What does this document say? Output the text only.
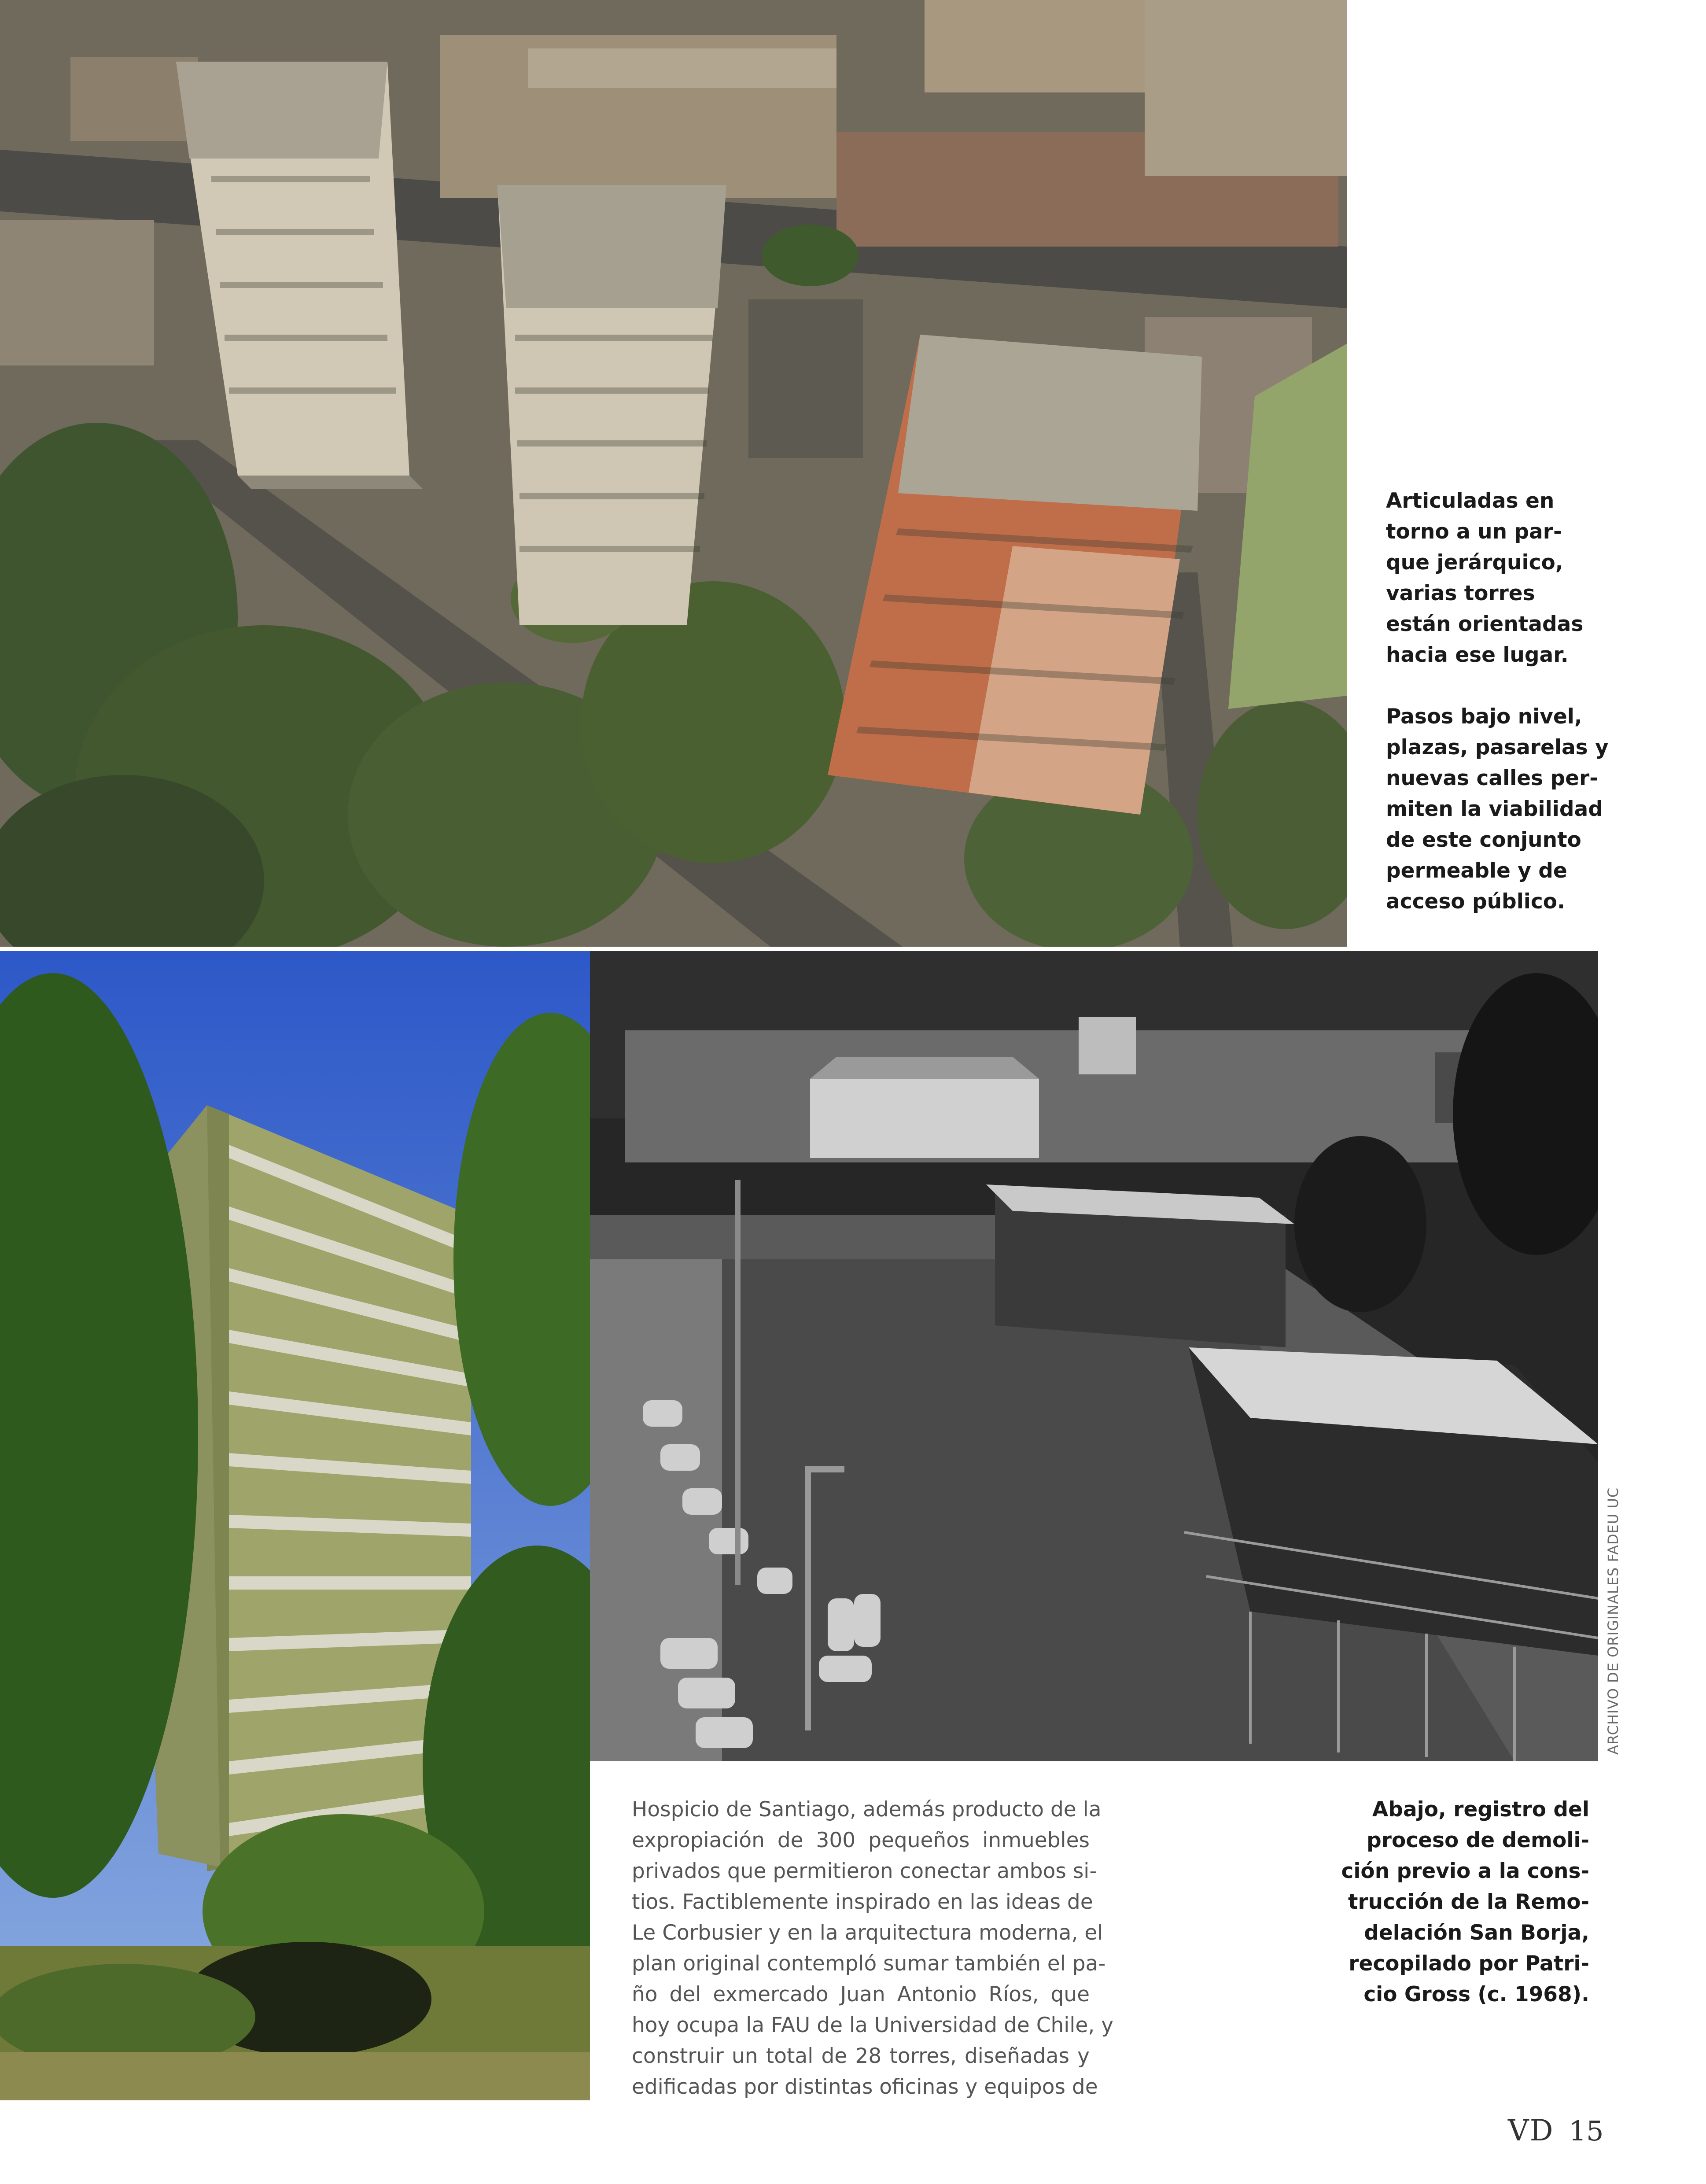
Articuladas en
torno a un par-
que jerárquico,
varias torres
están orientadas
hacia ese lugar.

Pasos bajo nivel,
plazas, pasarelas y
nuevas calles per-
miten la viabilidad
de este conjunto
permeable y de
acceso público.

ARCHIVO DE ORIGINALES FADEU UC
Hospicio de Santiago, además producto de la
expropiación de 300 pequeños inmuebles
privados que permitieron conectar ambos si-
tios. Factiblemente inspirado en las ideas de
Le Corbusier y en la arquitectura moderna, el
plan original contempló sumar también el pa-
ño del exmercado Juan Antonio Ríos, que
hoy ocupa la FAU de la Universidad de Chile, y
construir un total de 28 torres, diseñadas y
edificadas por distintas oficinas y equipos de
Abajo, registro del
proceso de demoli-
ción previo a la cons-
trucción de la Remo-
delación San Borja,
recopilado por Patri-
cio Gross (c. 1968).
VD 15
